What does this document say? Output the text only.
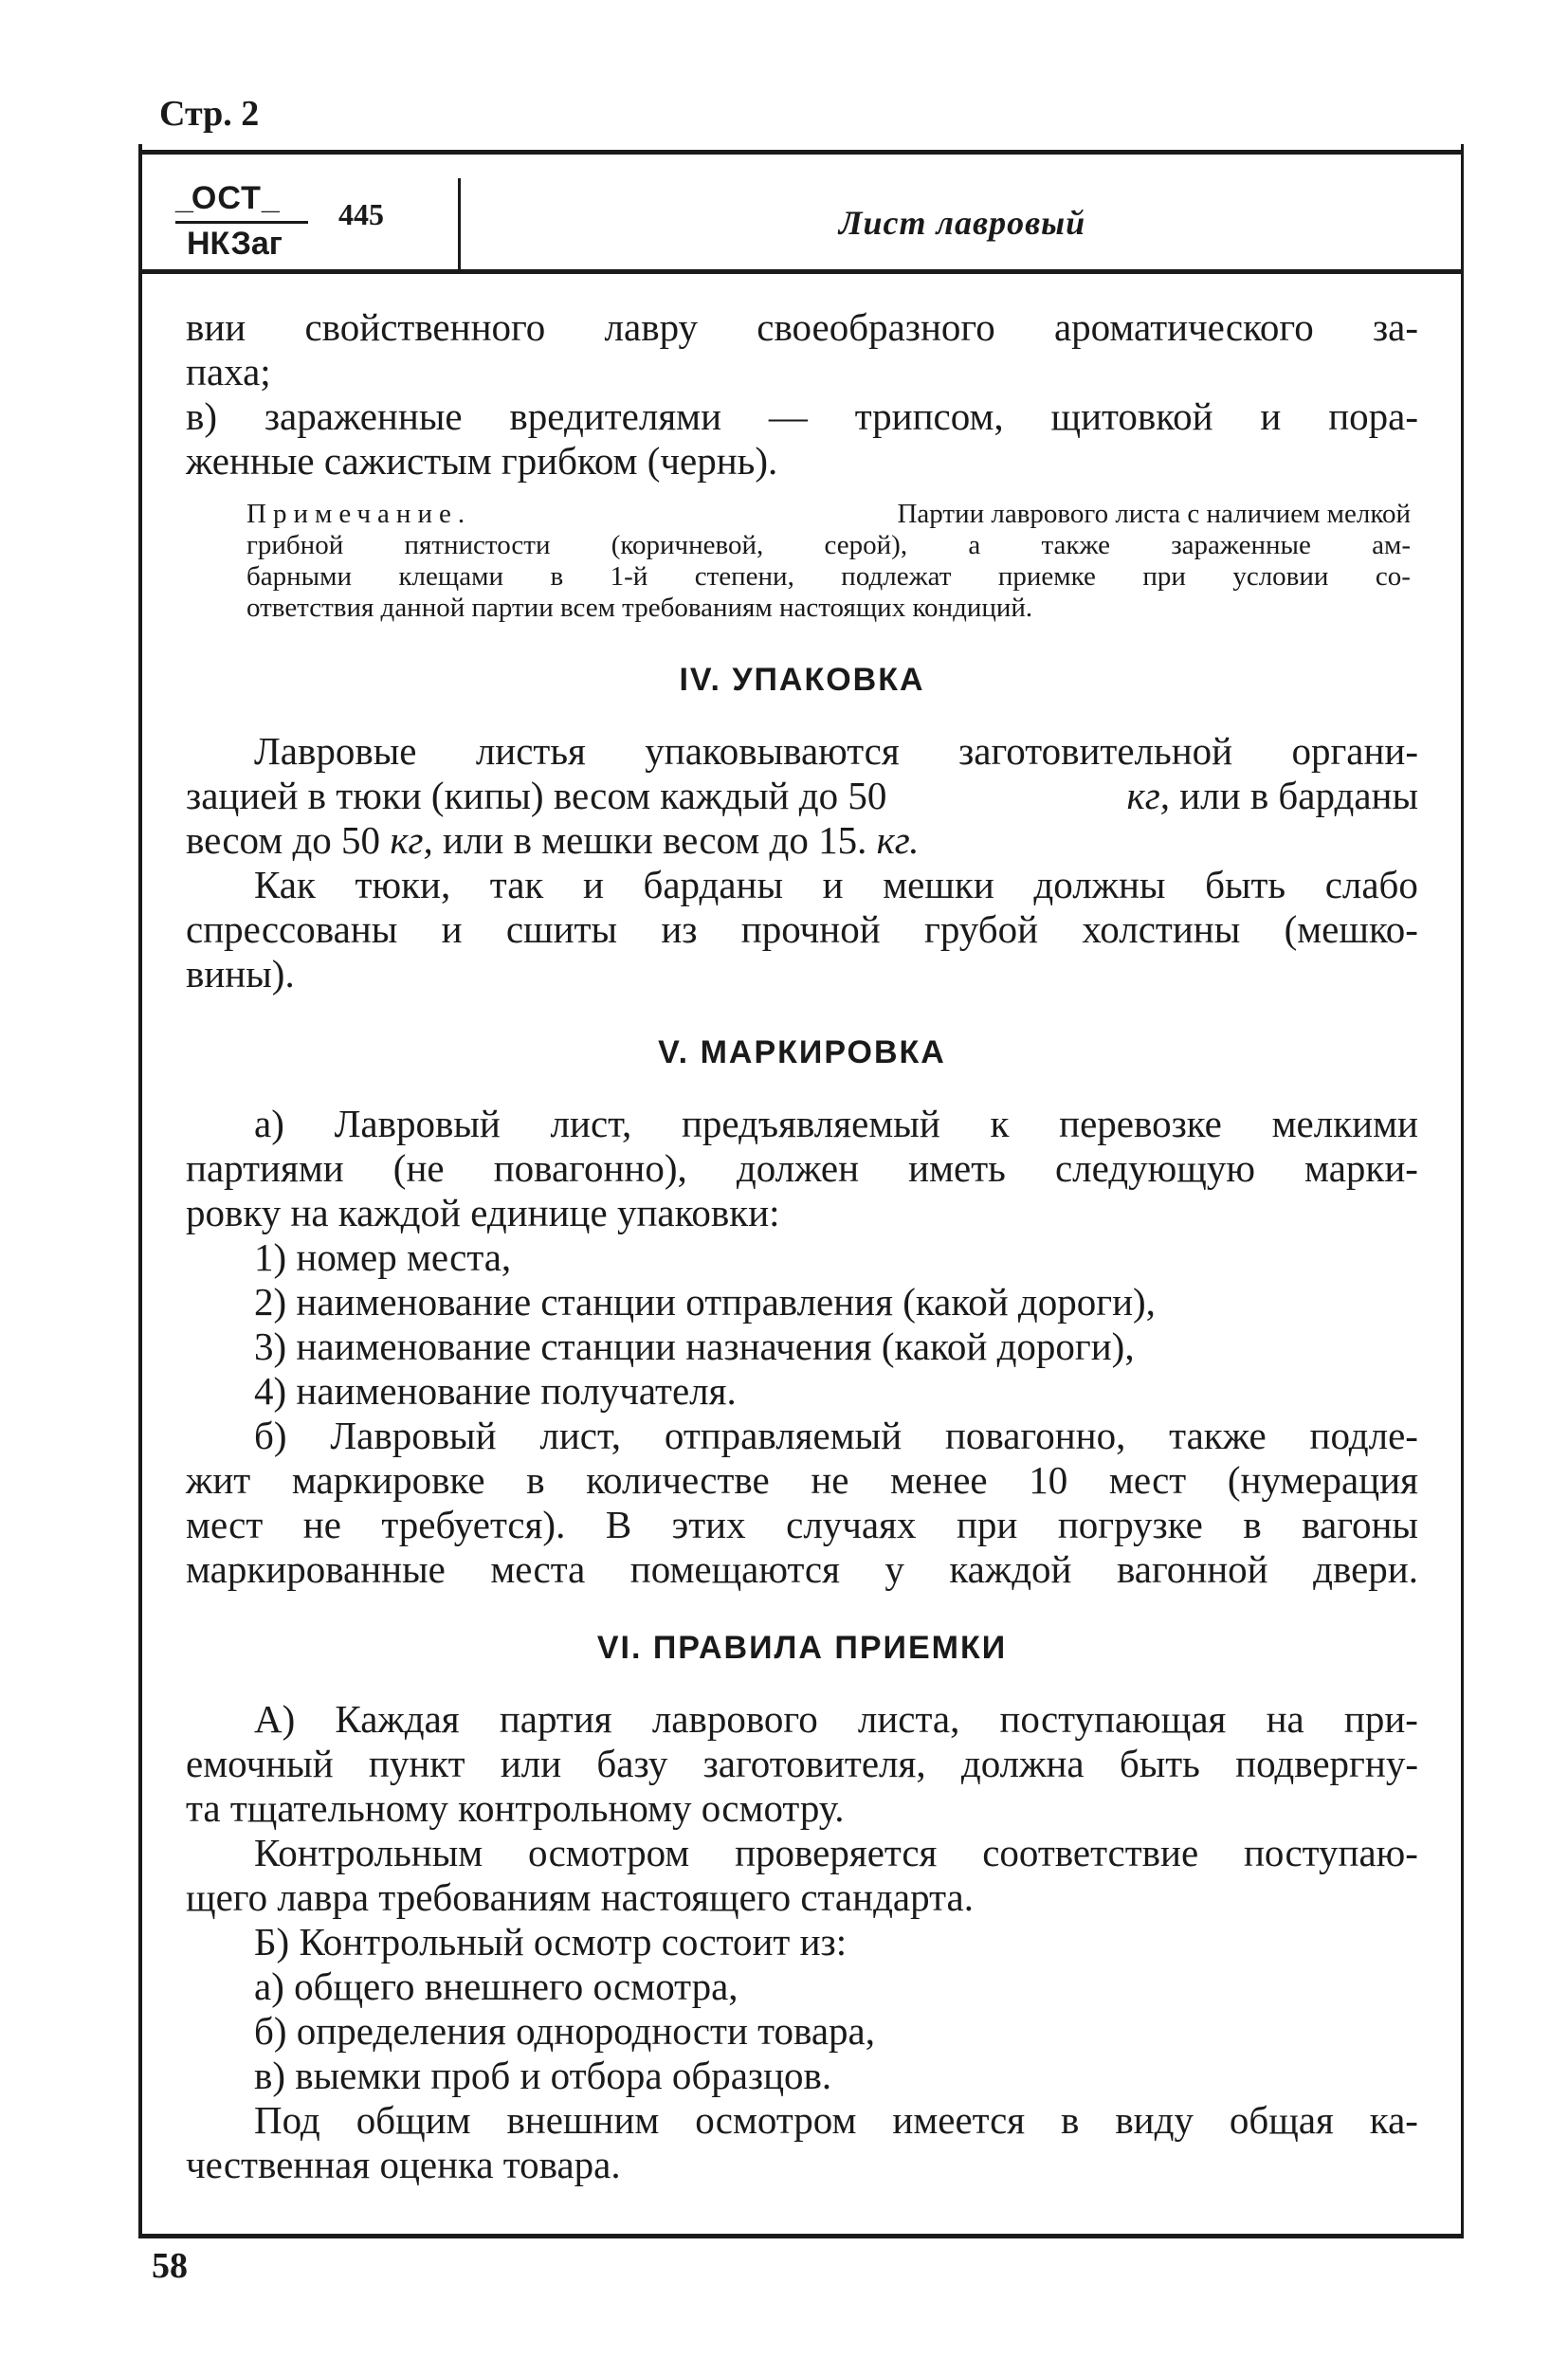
Стр. 2
_ОСТ_
НКЗаг
445	Лист лавровый
вии свойственного лавру своеобразного ароматического за-
паха;
в) зараженные вредителями — трипсом, щитовкой и пора-
женные сажистым грибком (чернь).
Примечание.	Партии лаврового листа с наличием мелкой
грибной пятнистости (коричневой, серой), а также зараженные ам-
барными клещами в 1-й степени, подлежат приемке при условии со-
ответствия данной партии всем требованиям настоящих кондиций.
IV. УПАКОВКА
Лавровые листья упаковываются заготовительной органи-
зацией в тюки (кипы) весом каждый до 50	кг, или в барданы
весом до 50
кг,
или в мешки весом до 15.
кг.
Как тюки, так и барданы и мешки должны быть слабо
спрессованы и сшиты из прочной грубой холстины (мешко-
вины).
V. МАРКИРОВКА
а) Лавровый лист, предъявляемый к перевозке мелкими
партиями (не повагонно), должен иметь следующую марки-
ровку на каждой единице упаковки:
1) номер места,
2) наименование станции отправления (какой дороги),
3) наименование станции назначения (какой дороги),
4) наименование получателя.
б) Лавровый лист, отправляемый повагонно, также подле-
жит маркировке в количестве не менее 10 мест (нумерация
мест не требуется). В этих случаях при погрузке в вагоны
маркированные места помещаются у каждой вагонной двери.
VI. ПРАВИЛА ПРИЕМКИ
А) Каждая партия лаврового листа, поступающая на при-
емочный пункт или базу заготовителя, должна быть подвергну-
та тщательному контрольному осмотру.
Контрольным осмотром проверяется соответствие поступаю-
щего лавра требованиям настоящего стандарта.
Б) Контрольный осмотр состоит из:
а) общего внешнего осмотра,
б) определения однородности товара,
в) выемки проб и отбора образцов.
Под общим внешним осмотром имеется в виду общая ка-
чественная оценка товара.
58
